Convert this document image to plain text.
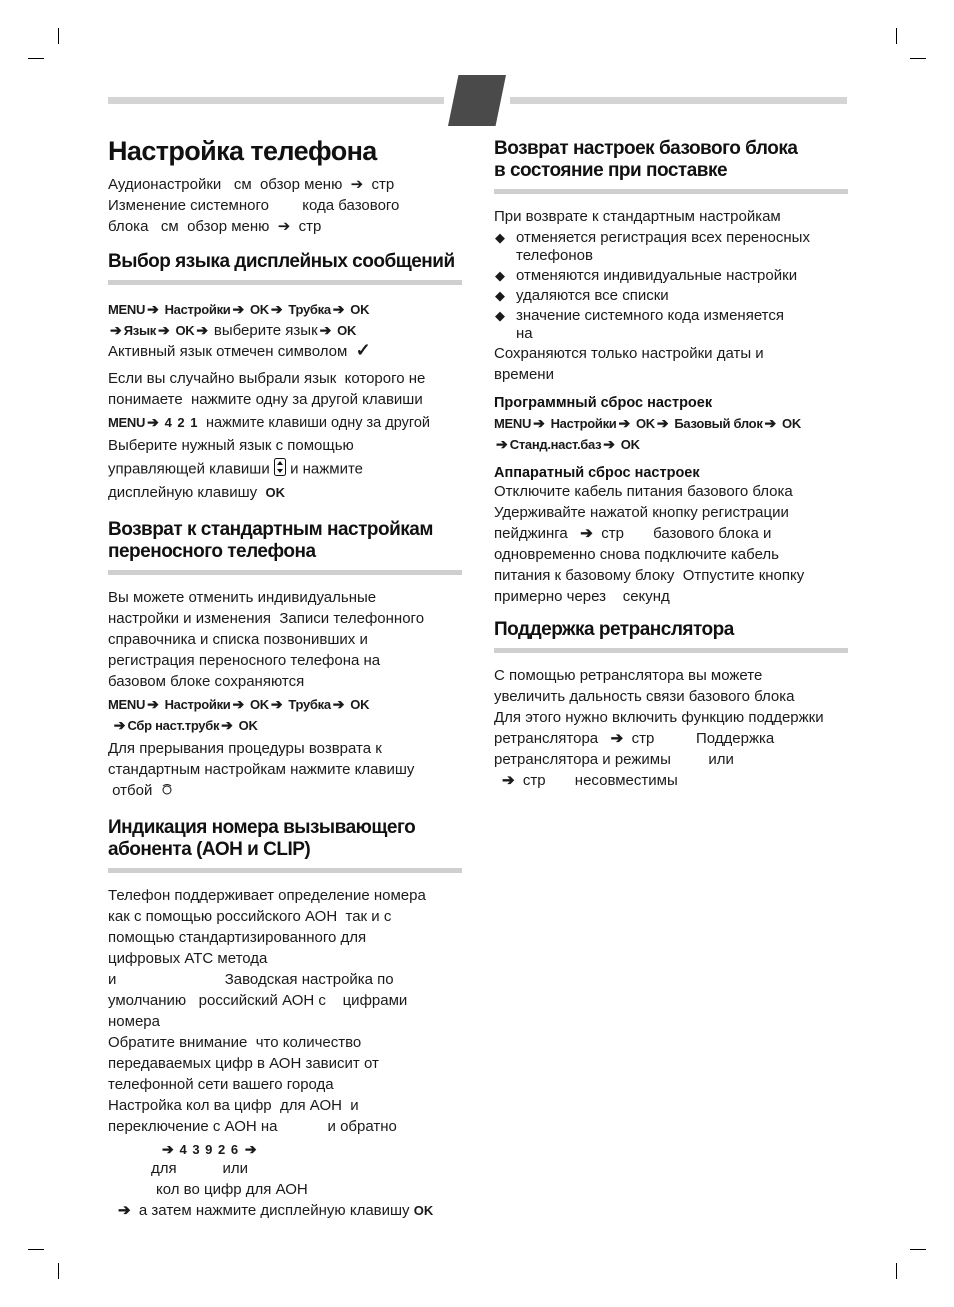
Настройка телефона

Аудионастройки   см  обзор меню  ➔  стр

Изменение системного        кода базового

блока   см  обзор меню  ➔  стр

Выбор языка дисплейных сообщений
MENU ➔ Настройки ➔ OK ➔ Трубка ➔ OK
➔ Язык ➔ OK ➔ выберите язык ➔ OK

Активный язык отмечен символом ✓

Если вы случайно выбрали язык  которого не

понимаете  нажмите одну за другой клавиши

MENU ➔ 4 2 1 нажмите клавиши одну за другой

Выберите нужный язык с помощью

управляющей клавиши и нажмите

дисплейную клавишу OK

Возврат к стандартным настройкам
переносного телефона

Вы можете отменить индивидуальные

настройки и изменения  Записи телефонного

справочника и списка позвонивших и

регистрация переносного телефона на

базовом блоке сохраняются

MENU ➔ Настройки ➔ OK ➔ Трубка ➔ OK
➔ Сбр наст.трубк ➔ OK

Для прерывания процедуры возврата к

стандартным настройкам нажмите клавишу

отбой

Индикация номера вызывающего
абонента (АОН и CLIP)

Телефон поддерживает определение номера

как с помощью российского АОН  так и с

помощью стандартизированного для

цифровых АТС метода

и                          Заводская настройка по

умолчанию   российский АОН с    цифрами

номера

Обратите внимание  что количество

передаваемых цифр в АОН зависит от

телефонной сети вашего города

Настройка кол ва цифр  для АОН  и

переключение с АОН на            и обратно

➔ 4 3 9 2 6 ➔

для           или

кол во цифр для АОН

➔ а затем нажмите дисплейную клавишу OK

Возврат настроек базового блока
в состояние при поставке

При возврате к стандартным настройкам

◆ отменяется регистрация всех переносных
телефонов
◆ отменяются индивидуальные настройки
◆ удаляются все списки
◆ значение системного кода изменяется
на

Сохраняются только настройки даты и

времени

Программный сброс настроек
MENU ➔ Настройки ➔ OK ➔ Базовый блок ➔ OK
➔ Станд.наст.баз ➔ OK
Аппаратный сброс настроек

Отключите кабель питания базового блока

Удерживайте нажатой кнопку регистрации

пейджинга ➔ стр       базового блока и

одновременно снова подключите кабель

питания к базовому блоку  Отпустите кнопку

примерно через    секунд

Поддержка ретранслятора

С помощью ретранслятора вы можете

увеличить дальность связи базового блока

Для этого нужно включить функцию поддержки

ретранслятора ➔ стр          Поддержка

ретранслятора и режимы         или

➔ стр       несовместимы
